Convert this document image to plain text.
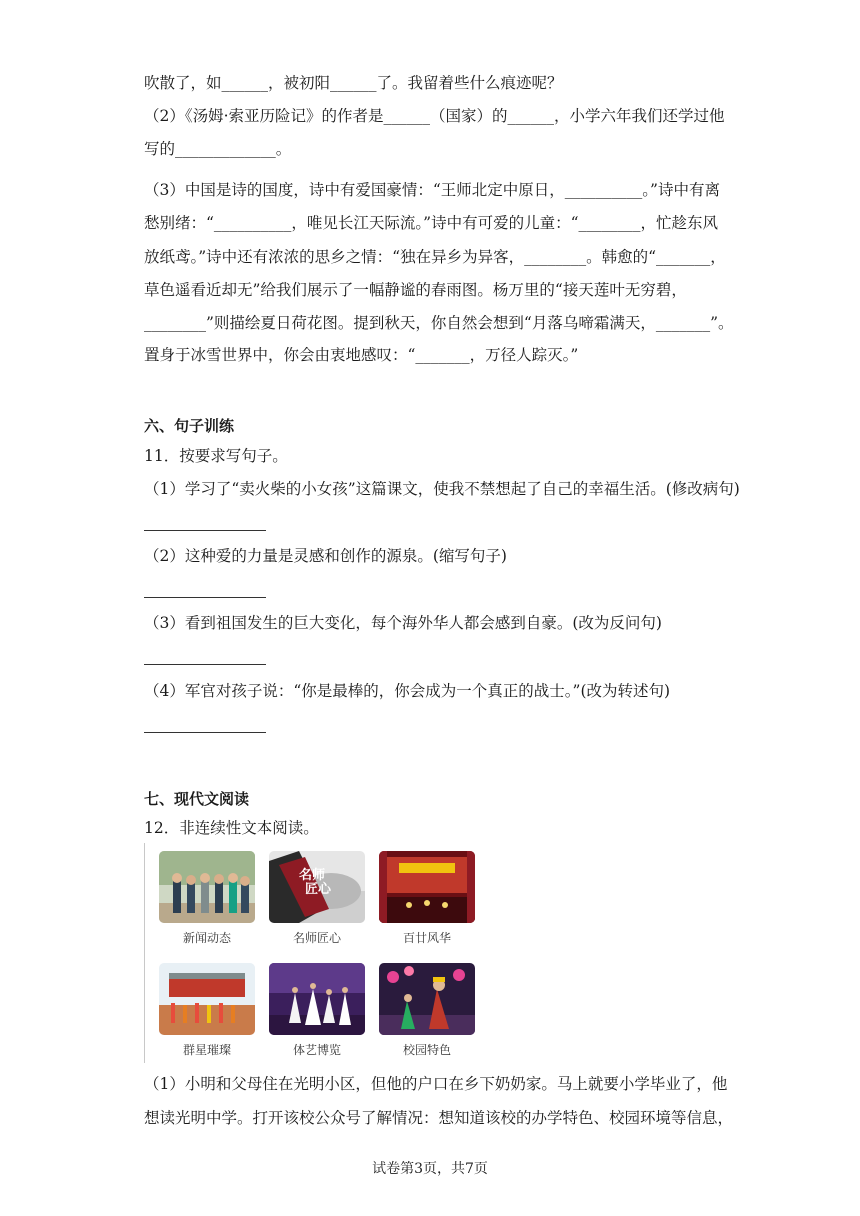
吹散了，如______，被初阳______了。我留着些什么痕迹呢？
（2）《汤姆·索亚历险记》的作者是______（国家）的______，小学六年我们还学过他
写的_____________。
（3）中国是诗的国度，诗中有爱国豪情：“王师北定中原日，__________。”诗中有离
愁别绪：“__________，唯见长江天际流。”诗中有可爱的儿童：“________，忙趁东风
放纸鸢。”诗中还有浓浓的思乡之情：“独在异乡为异客，________。韩愈的“_______，
草色遥看近却无”给我们展示了一幅静谧的春雨图。杨万里的“接天莲叶无穷碧，
________”则描绘夏日荷花图。提到秋天，你自然会想到“月落乌啼霜满天，_______”。
置身于冰雪世界中，你会由衷地感叹：“_______，万径人踪灭。”
六、句子训练
11．按要求写句子。
（1）学习了“卖火柴的小女孩”这篇课文，使我不禁想起了自己的幸福生活。(修改病句)
（2）这种爱的力量是灵感和创作的源泉。(缩写句子)
（3）看到祖国发生的巨大变化，每个海外华人都会感到自豪。(改为反问句)
（4）军官对孩子说：“你是最棒的，你会成为一个真正的战士。”(改为转述句)
七、现代文阅读
12．非连续性文本阅读。
新闻动态
名师
匠心
名师匠心	百廿风华
群星璀璨	体艺博览	校园特色
（1）小明和父母住在光明小区，但他的户口在乡下奶奶家。马上就要小学毕业了，他
想读光明中学。打开该校公众号了解情况：想知道该校的办学特色、校园环境等信息，
试卷第3页，共7页
